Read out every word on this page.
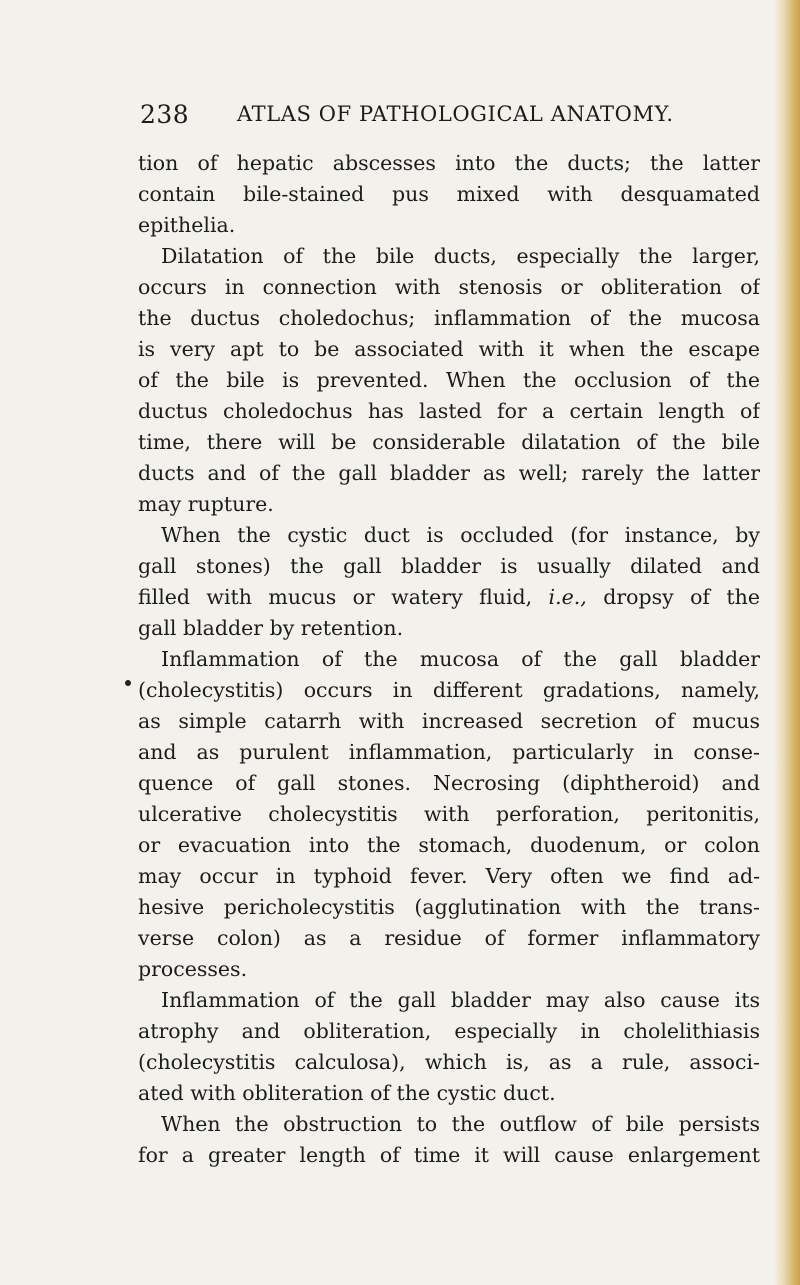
238 ATLAS OF PATHOLOGICAL ANATOMY.
tion of hepatic abscesses into the ducts; the latter
contain bile-stained pus mixed with desquamated
epithelia.
Dilatation of the bile ducts, especially the larger,
occurs in connection with stenosis or obliteration of
the ductus choledochus; inflammation of the mucosa
is very apt to be associated with it when the escape
of the bile is prevented. When the occlusion of the
ductus choledochus has lasted for a certain length of
time, there will be considerable dilatation of the bile
ducts and of the gall bladder as well; rarely the latter
may rupture.
When the cystic duct is occluded (for instance, by
gall stones) the gall bladder is usually dilated and
filled with mucus or watery fluid, i.e., dropsy of the
gall bladder by retention.
Inflammation of the mucosa of the gall bladder
(cholecystitis) occurs in different gradations, namely,
as simple catarrh with increased secretion of mucus
and as purulent inflammation, particularly in conse-
quence of gall stones. Necrosing (diphtheroid) and
ulcerative cholecystitis with perforation, peritonitis,
or evacuation into the stomach, duodenum, or colon
may occur in typhoid fever. Very often we find ad-
hesive pericholecystitis (agglutination with the trans-
verse colon) as a residue of former inflammatory
processes.
Inflammation of the gall bladder may also cause its
atrophy and obliteration, especially in cholelithiasis
(cholecystitis calculosa), which is, as a rule, associ-
ated with obliteration of the cystic duct.
When the obstruction to the outflow of bile persists
for a greater length of time it will cause enlargement
